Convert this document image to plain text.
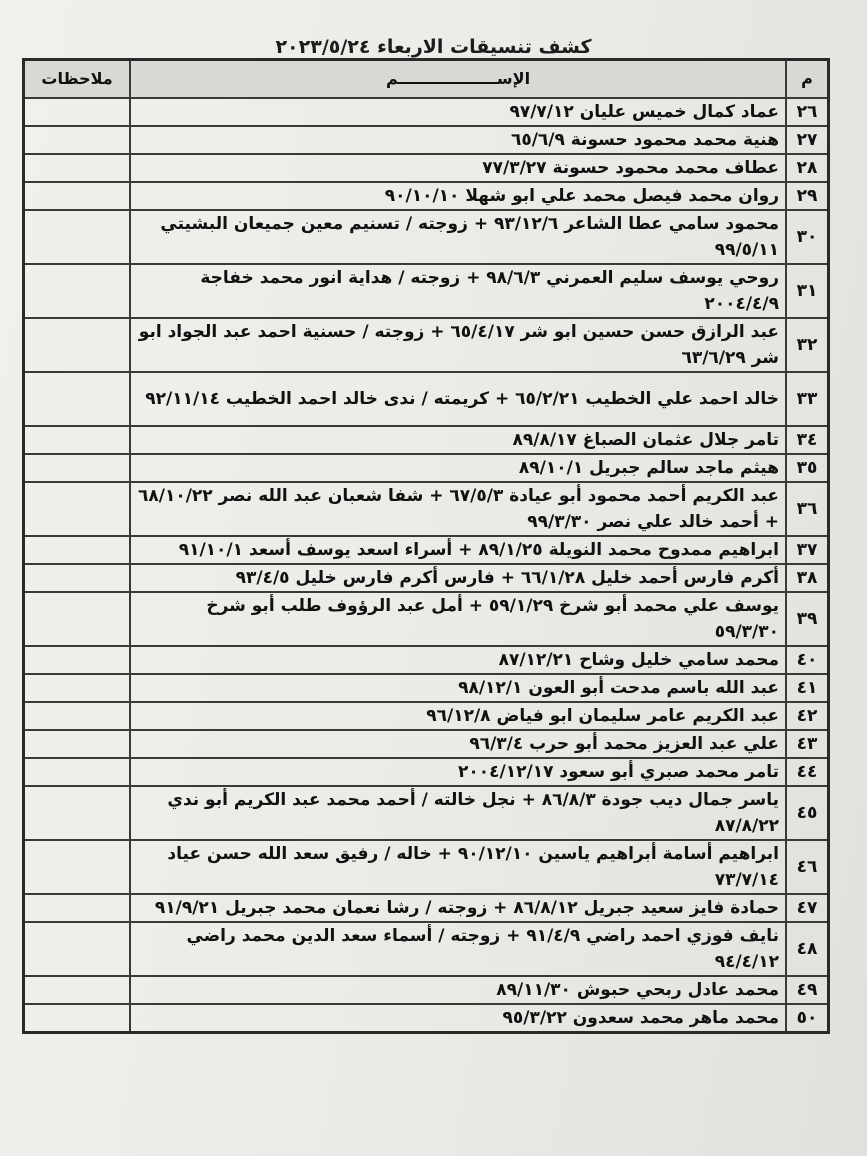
كشف تنسيقات الاربعاء ٢٠٢٣/٥/٢٤
م	الإســــــــــــــــــم	ملاحظات
٢٦	عماد كمال خميس عليان ٩٧/٧/١٢	
٢٧	هنية محمد محمود حسونة ٦٥/٦/٩	
٢٨	عطاف محمد محمود حسونة ٧٧/٣/٢٧	
٢٩	روان محمد فيصل محمد علي ابو شهلا ٩٠/١٠/١٠	
٣٠	محمود سامي عطا الشاعر ٩٣/١٢/٦ + زوجته / تسنيم معين جميعان البشيتي ٩٩/٥/١١	
٣١	روحي يوسف سليم العمرني ٩٨/٦/٣ + زوجته / هداية انور محمد خفاجة ٢٠٠٤/٤/٩	
٣٢	عبد الرازق حسن حسين ابو شر ٦٥/٤/١٧ + زوجته / حسنية احمد عبد الجواد ابو شر ٦٣/٦/٢٩	
٣٣	خالد احمد علي الخطيب ٦٥/٢/٢١ + كريمته / ندى خالد احمد الخطيب ٩٢/١١/١٤	
٣٤	تامر جلال عثمان الصباغ ٨٩/٨/١٧	
٣٥	هيثم ماجد سالم جبريل ٨٩/١٠/١	
٣٦	عبد الكريم أحمد محمود أبو عيادة ٦٧/٥/٣ + شفا شعبان عبد الله نصر ٦٨/١٠/٢٢ + أحمد خالد علي نصر ٩٩/٣/٣٠	
٣٧	ابراهيم ممدوح محمد النويلة ٨٩/١/٢٥ + أسراء اسعد يوسف أسعد ٩١/١٠/١	
٣٨	أكرم فارس أحمد خليل ٦٦/١/٢٨ + فارس أكرم فارس خليل ٩٣/٤/٥	
٣٩	يوسف علي محمد أبو شرخ ٥٩/١/٢٩ + أمل عبد الرؤوف طلب أبو شرخ ٥٩/٣/٣٠	
٤٠	محمد سامي خليل وشاح ٨٧/١٢/٢١	
٤١	عبد الله باسم مدحت أبو العون ٩٨/١٢/١	
٤٢	عبد الكريم عامر سليمان ابو فياض ٩٦/١٢/٨	
٤٣	علي عبد العزيز محمد أبو حرب ٩٦/٣/٤	
٤٤	تامر محمد صبري أبو سعود ٢٠٠٤/١٢/١٧	
٤٥	ياسر جمال ديب جودة ٨٦/٨/٣ + نجل خالته / أحمد محمد عبد الكريم أبو ندي ٨٧/٨/٢٢	
٤٦	ابراهيم أسامة أبراهيم ياسين ٩٠/١٢/١٠ + خاله / رفيق سعد الله حسن عياد ٧٣/٧/١٤	
٤٧	حمادة فايز سعيد جبريل ٨٦/٨/١٢ + زوجته / رشا نعمان محمد جبريل ٩١/٩/٢١	
٤٨	نايف فوزي احمد راضي ٩١/٤/٩ + زوجته / أسماء سعد الدين محمد راضي ٩٤/٤/١٢	
٤٩	محمد عادل ربحي حبوش ٨٩/١١/٣٠	
٥٠	محمد ماهر محمد سعدون ٩٥/٣/٢٢	
